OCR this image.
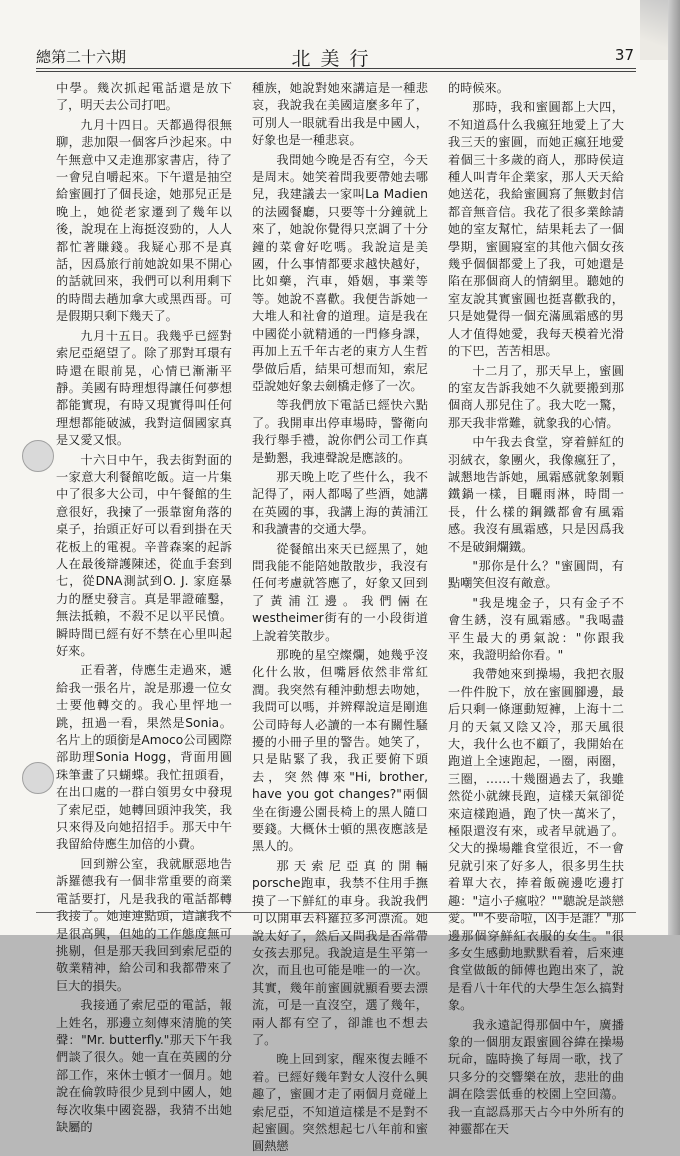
總第二十六期	北美行	37

中學。幾次抓起電話還是放下了，明天去公司打吧。

九月十四日。天都過得很無聊，悲加限一個客戶沙起來。中午無意中又走進那家書店，待了一會兒自嚼起來。下午還是抽空給蜜圓打了個長途，她那兒正是晚上，她從老家遷到了幾年以後，說現在上海挺沒勁的，人人都忙著賺錢。我疑心那不是真話，因爲旅行前她說如果不開心的話就回來，我們可以利用剩下的時間去趟加拿大或黑西哥。可是假期只剩下幾天了。

九月十五日。我幾乎已經對索尼亞絕望了。除了那對耳環有時還在眼前晃，心情已漸漸平靜。美國有時理想得讓任何夢想都能實現，有時又現實得叫任何理想都能破滅，我對這個國家真是又愛又恨。

十六日中午，我去街對面的一家意大利餐館吃飯。這一片集中了很多大公司，中午餐館的生意很好，我揀了一張靠窗角落的桌子，抬頭正好可以看到掛在天花板上的電視。辛普森案的起訴人在最後辯護陳述，從血手套到七，從DNA測試到O. J. 家庭暴力的歷史發言。真是罪證確鑿，無法抵賴，不殺不足以平民憤。瞬時間已經有好不禁在心里叫起好來。

正看著，侍應生走過來，遞給我一張名片，說是那邊一位女士要他轉交的。我心里怦地一跳，扭過一看，果然是Sonia。名片上的頭銜是Amoco公司國際部助理Sonia Hogg，背面用圓珠筆畫了只蝴蝶。我忙扭頭看，在出口處的一群白領男女中發現了索尼亞，她轉回頭沖我笑，我只來得及向她招招手。那天中午我留給侍應生加倍的小費。

回到辦公室，我就厭惡地告訴羅德我有一個非常重要的商業電話要打，凡是我我的電話都轉我接了。她連連點頭，這讓我不是很高興，但她的工作態度無可挑剔，但是那天我回到索尼亞的敬業精神，給公司和我都帶來了巨大的損失。

我接通了索尼亞的電話，報上姓名，那邊立刻傳來清脆的笑聲："Mr. butterfly."那天下午我們談了很久。她一直在英國的分部工作，來休士頓才一個月。她說在倫敦時很少見到中國人，她每次收集中國瓷器，我猜不出她缺屬的

種族，她說對她來講這是一種悲哀，我說我在美國這麼多年了，可別人一眼就看出我是中國人，好象也是一種悲哀。

我問她今晚是否有空，今天是周末。她笑着問我要帶她去哪兒，我建議去一家叫La Madien的法國餐廳，只要等十分鐘就上來了，她說你覺得只烹調了十分鐘的菜會好吃嗎。我說這是美國，什么事情都要求越快越好，比如藥，汽車，婚姻，事業等等。她說不喜歡。我便告訴她一大堆人和社會的道理。這是我在中國從小就精通的一門修身課，再加上五千年古老的東方人生哲學做后盾，結果可想而知，索尼亞說她好象去劍橋走修了一次。

等我們放下電話已經快六點了。我開車出停車場時，警衛向我行舉手禮，說你們公司工作真是勤懇，我連聲說是應該的。

那天晚上吃了些什么，我不記得了，兩人都喝了些酒，她講在英國的事，我講上海的黃浦江和我讀書的交通大學。

從餐館出來天已經黑了，她問我能不能陪她散散步，我沒有任何考慮就答應了，好象又回到了黃浦江邊。我們倆在westheimer街有的一小段街道上說着笑散步。

那晚的星空燦爛，她幾乎沒化什么妝，但嘴唇依然非常紅潤。我突然有種沖動想去吻她，我問可以嗎，并辨釋說這是剛進公司時每人必讀的一本有關性騷擾的小冊子里的警告。她笑了，只是貼緊了我，我正要俯下頭去，突然傳來"Hi, brother, have you got changes?"兩個坐在街邊公園長椅上的黑人隨口要錢。大概休士頓的黑夜應該是黑人的。

那天索尼亞真的開輛porsche跑車，我禁不住用手撫摸了一下鮮紅的車身。我說我們可以開車去科羅拉多河漂流。她說太好了，然后又問我是否常帶女孩去那兒。我說這是生平第一次，而且也可能是唯一的一次。其實，幾年前蜜圓就顯看要去漂流，可是一直沒空，選了幾年，兩人都有空了，卻誰也不想去了。

晚上回到家，醒來復去睡不着。已經好幾年對女人沒什么興趣了，蜜圓才走了兩個月竟碰上索尼亞，不知道這樣是不是對不起蜜圓。突然想起七八年前和蜜圓熱戀

的時候來。

那時，我和蜜圓都上大四，不知道爲什么我瘋狂地愛上了大我三天的蜜圓，而她正瘋狂地愛着個三十多歲的商人，那時侯這種人叫青年企業家，那人天天給她送花，我給蜜圓寫了無數封信都音無音信。我花了很多業餘請她的室友幫忙，結果耗去了一個學期，蜜圓寢室的其他六個女孩幾乎個個都愛上了我，可她還是陷在那個商人的情網里。聽她的室友說其實蜜圓也挺喜歡我的，只是她覺得一個充滿風霜感的男人才值得她愛，我每天模着光滑的下巴，苦苦相思。

十二月了，那天早上，蜜圓的室友告訴我她不久就要搬到那個商人那兒住了。我大吃一驚，那天我非常難，就象我的心情。

中午我去食堂，穿着鮮紅的羽絨衣，象團火，我像瘋狂了，誠懇地告訴她，風霜感就象剝顆鐵鍋一樣，目曬雨淋，時間一長，什么樣的鋼鐵都會有風霜感。我沒有風霜感，只是因爲我不是破銅爛鐵。

"那你是什么？"蜜圓問，有點嘲笑但沒有敵意。

"我是塊金子，只有金子不會生銹，沒有風霜感。"我喝盡平生最大的勇氣說："你跟我來，我證明給你看。"

我帶她來到操場，我把衣服一件件脫下，放在蜜圓腳邊，最后只剩一條運動短褲，上海十二月的天氣又陰又冷，那天風很大，我什么也不顧了，我開始在跑道上全速跑起，一圈，兩圈，三圈，……十幾圈過去了，我雖然從小就練長跑，這樣天氣卻從來這樣跑過，跑了快一萬米了，極限還沒有來，或者早就過了。父大的操場離食堂很近，不一會兒就引來了好多人，很多男生扶着單大衣，捧着飯碗邊吃邊打趣："這小子瘋啦？""聽說是談戀愛。""不要命啦，凶手是誰？"那邊那個穿鮮紅衣服的女生。"很多女生感動地默默看着，后來連食堂做飯的師傅也跑出來了，說是看八十年代的大學生怎么搞對象。

我永遠記得那個中午，廣播象的一個朋友跟蜜圓谷緯在操場玩命，臨時換了每周一歌，找了只多分的交響樂在放，悲壯的曲調在陰雲低垂的校園上空回蕩。我一直認爲那天占今中外所有的神靈都在天
